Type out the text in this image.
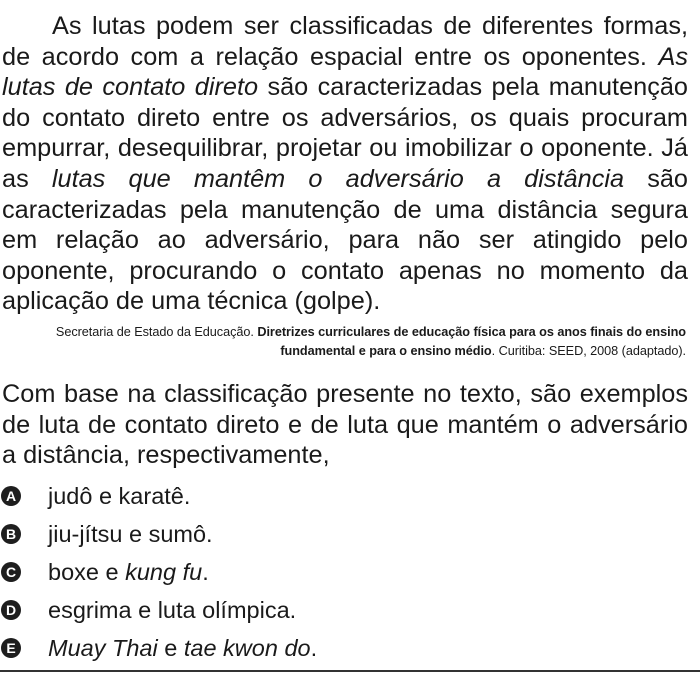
As lutas podem ser classificadas de diferentes formas, de acordo com a relação espacial entre os oponentes. As lutas de contato direto são caracterizadas pela manutenção do contato direto entre os adversários, os quais procuram empurrar, desequilibrar, projetar ou imobilizar o oponente. Já as lutas que mantêm o adversário a distância são caracterizadas pela manutenção de uma distância segura em relação ao adversário, para não ser atingido pelo oponente, procurando o contato apenas no momento da aplicação de uma técnica (golpe).

Secretaria de Estado da Educação. Diretrizes curriculares de educação física para os anos finais do ensino fundamental e para o ensino médio. Curitiba: SEED, 2008 (adaptado).

Com base na classificação presente no texto, são exemplos de luta de contato direto e de luta que mantém o adversário a distância, respectivamente,

A judô e karatê.
B jiu-jítsu e sumô.
C boxe e kung fu.
D esgrima e luta olímpica.
E Muay Thai e tae kwon do.
